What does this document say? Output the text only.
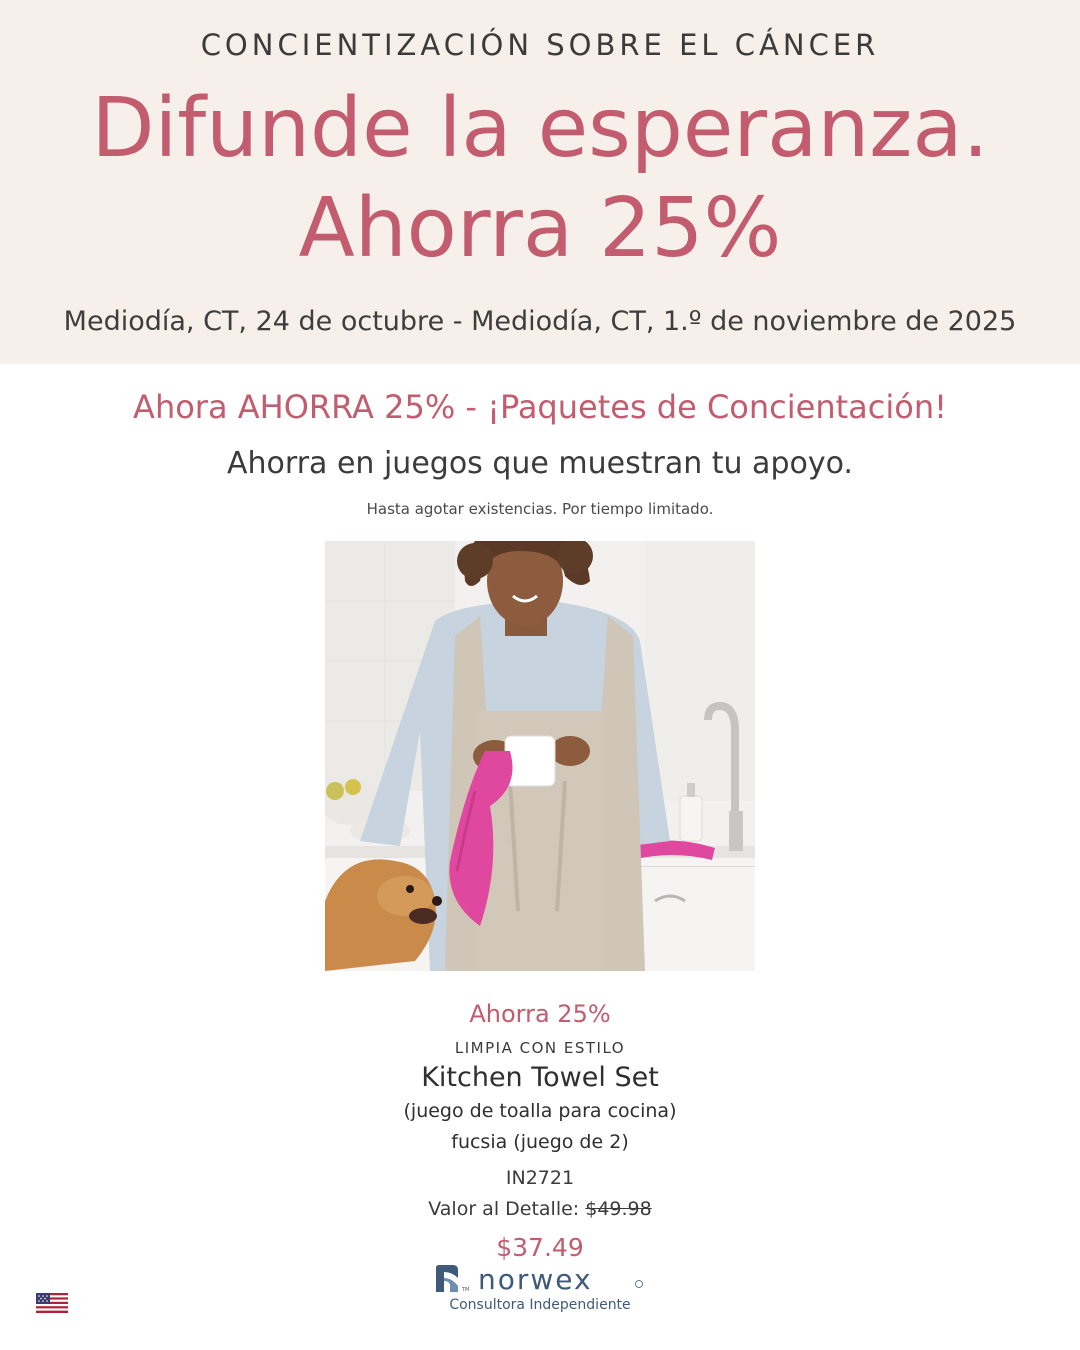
CONCIENTIZACIÓN SOBRE EL CÁNCER
Difunde la esperanza.
Ahorra 25%
Mediodía, CT, 24 de octubre - Mediodía, CT, 1.º de noviembre de 2025
Ahora AHORRA 25% - ¡Paquetes de Concientación!
Ahorra en juegos que muestran tu apoyo.
Hasta agotar existencias. Por tiempo limitado.
Ahorra 25%
LIMPIA CON ESTILO
Kitchen Towel Set
(juego de toalla para cocina)
fucsia (juego de 2)
IN2721
Valor al Detalle: $49.98
$37.49
norwex
TM
Consultora Independiente
